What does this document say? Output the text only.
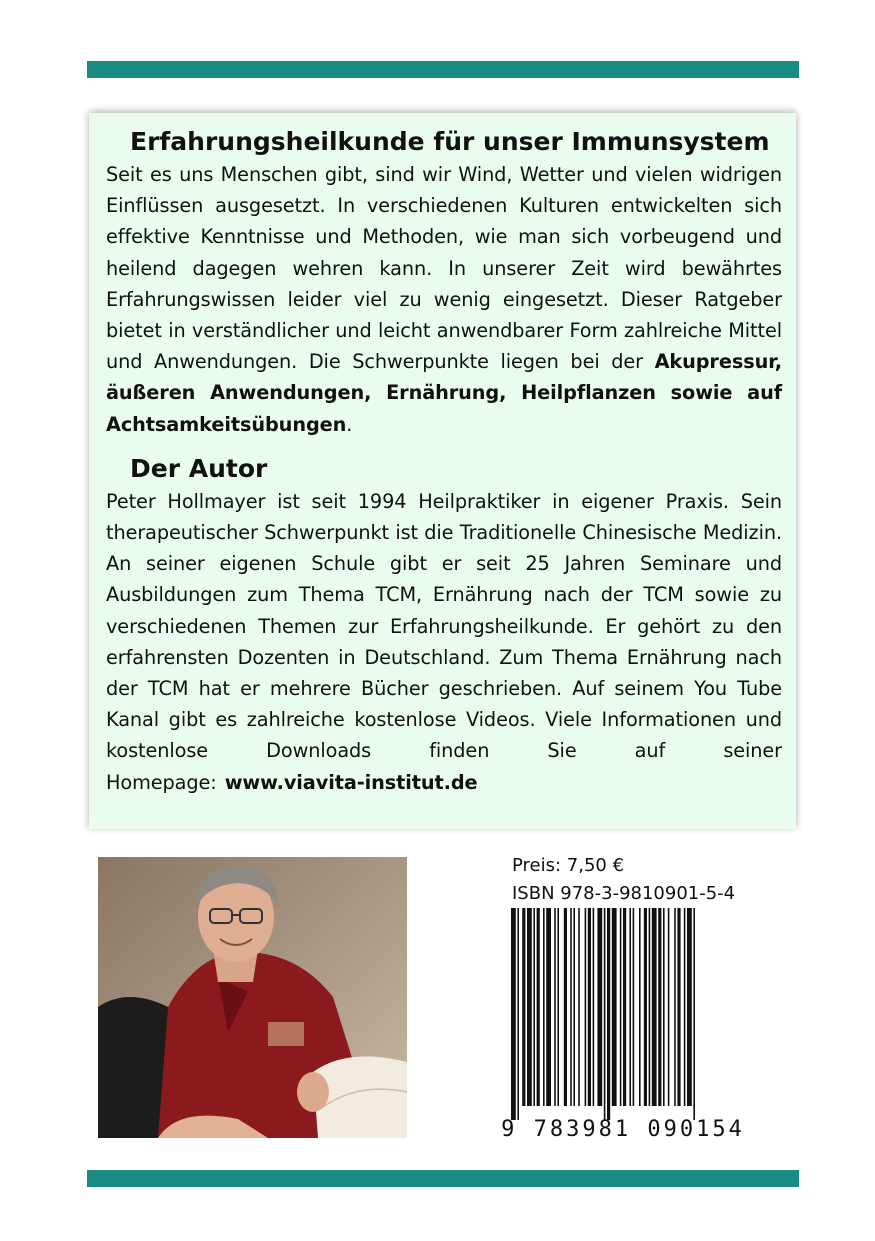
Erfahrungsheilkunde für unser Immunsystem

Seit es uns Menschen gibt, sind wir Wind, Wetter und vielen widrigen Einflüssen ausgesetzt. In verschiedenen Kulturen entwickelten sich effektive Kenntnisse und Methoden, wie man sich vorbeugend und heilend dagegen wehren kann. In unserer Zeit wird bewährtes Erfahrungswissen leider viel zu wenig eingesetzt. Dieser Ratgeber bietet in verständlicher und leicht anwendbarer Form zahlreiche Mittel und Anwendungen. Die Schwerpunkte liegen bei der Akupressur, äußeren Anwendungen, Ernährung, Heilpflanzen sowie auf Achtsamkeitsübungen.

Der Autor

Peter Hollmayer ist seit 1994 Heilpraktiker in eigener Praxis. Sein therapeutischer Schwerpunkt ist die Traditionelle Chinesische Medizin. An seiner eigenen Schule gibt er seit 25 Jahren Seminare und Ausbildungen zum Thema TCM, Ernährung nach der TCM sowie zu verschiedenen Themen zur Erfahrungsheilkunde. Er gehört zu den erfahrensten Dozenten in Deutschland. Zum Thema Ernährung nach der TCM hat er mehrere Bücher geschrieben. Auf seinem You Tube Kanal gibt es zahlreiche kostenlose Videos. Viele Informationen und kostenlose Downloads finden Sie auf seiner Homepage: www.viavita-institut.de

Preis: 7,50 €
ISBN 978-3-9810901-5-4
9 783981 090154
